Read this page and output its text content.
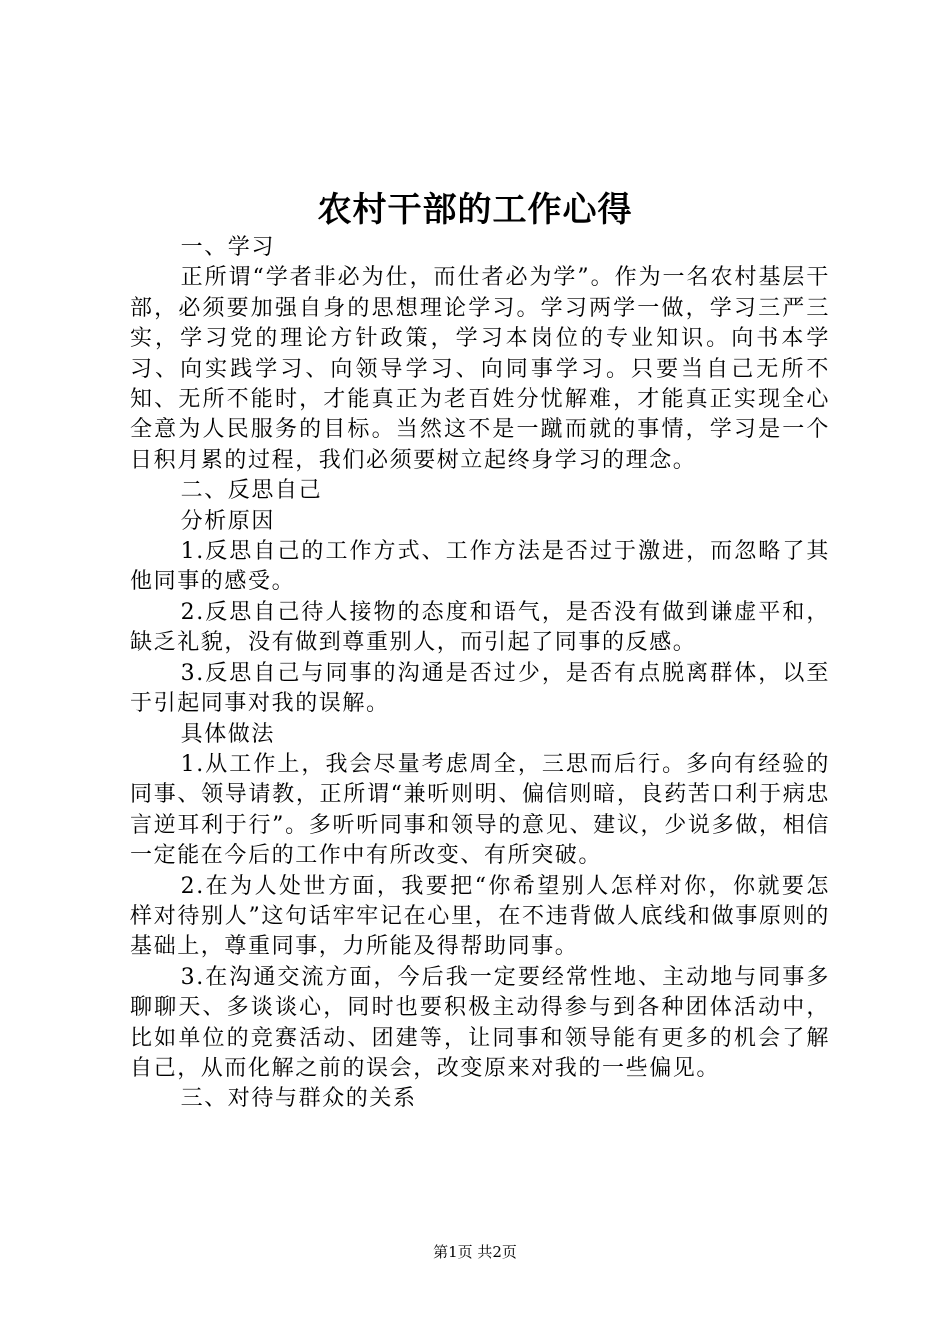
农村干部的工作心得

一、学习

正所谓“学者非必为仕，而仕者必为学”。作为一名农村基层干部，必须要加强自身的思想理论学习。学习两学一做，学习三严三实，学习党的理论方针政策，学习本岗位的专业知识。向书本学习、向实践学习、向领导学习、向同事学习。只要当自己无所不知、无所不能时，才能真正为老百姓分忧解难，才能真正实现全心全意为人民服务的目标。当然这不是一蹴而就的事情，学习是一个日积月累的过程，我们必须要树立起终身学习的理念。

二、反思自己

分析原因

1.反思自己的工作方式、工作方法是否过于激进，而忽略了其他同事的感受。

2.反思自己待人接物的态度和语气，是否没有做到谦虚平和，缺乏礼貌，没有做到尊重别人，而引起了同事的反感。

3.反思自己与同事的沟通是否过少，是否有点脱离群体，以至于引起同事对我的误解。

具体做法

1.从工作上，我会尽量考虑周全，三思而后行。多向有经验的同事、领导请教，正所谓“兼听则明、偏信则暗，良药苦口利于病忠言逆耳利于行”。多听听同事和领导的意见、建议，少说多做，相信一定能在今后的工作中有所改变、有所突破。

2.在为人处世方面，我要把“你希望别人怎样对你，你就要怎样对待别人”这句话牢牢记在心里，在不违背做人底线和做事原则的基础上，尊重同事，力所能及得帮助同事。

3.在沟通交流方面，今后我一定要经常性地、主动地与同事多聊聊天、多谈谈心，同时也要积极主动得参与到各种团体活动中，比如单位的竞赛活动、团建等，让同事和领导能有更多的机会了解自己，从而化解之前的误会，改变原来对我的一些偏见。

三、对待与群众的关系

第1页 共2页
